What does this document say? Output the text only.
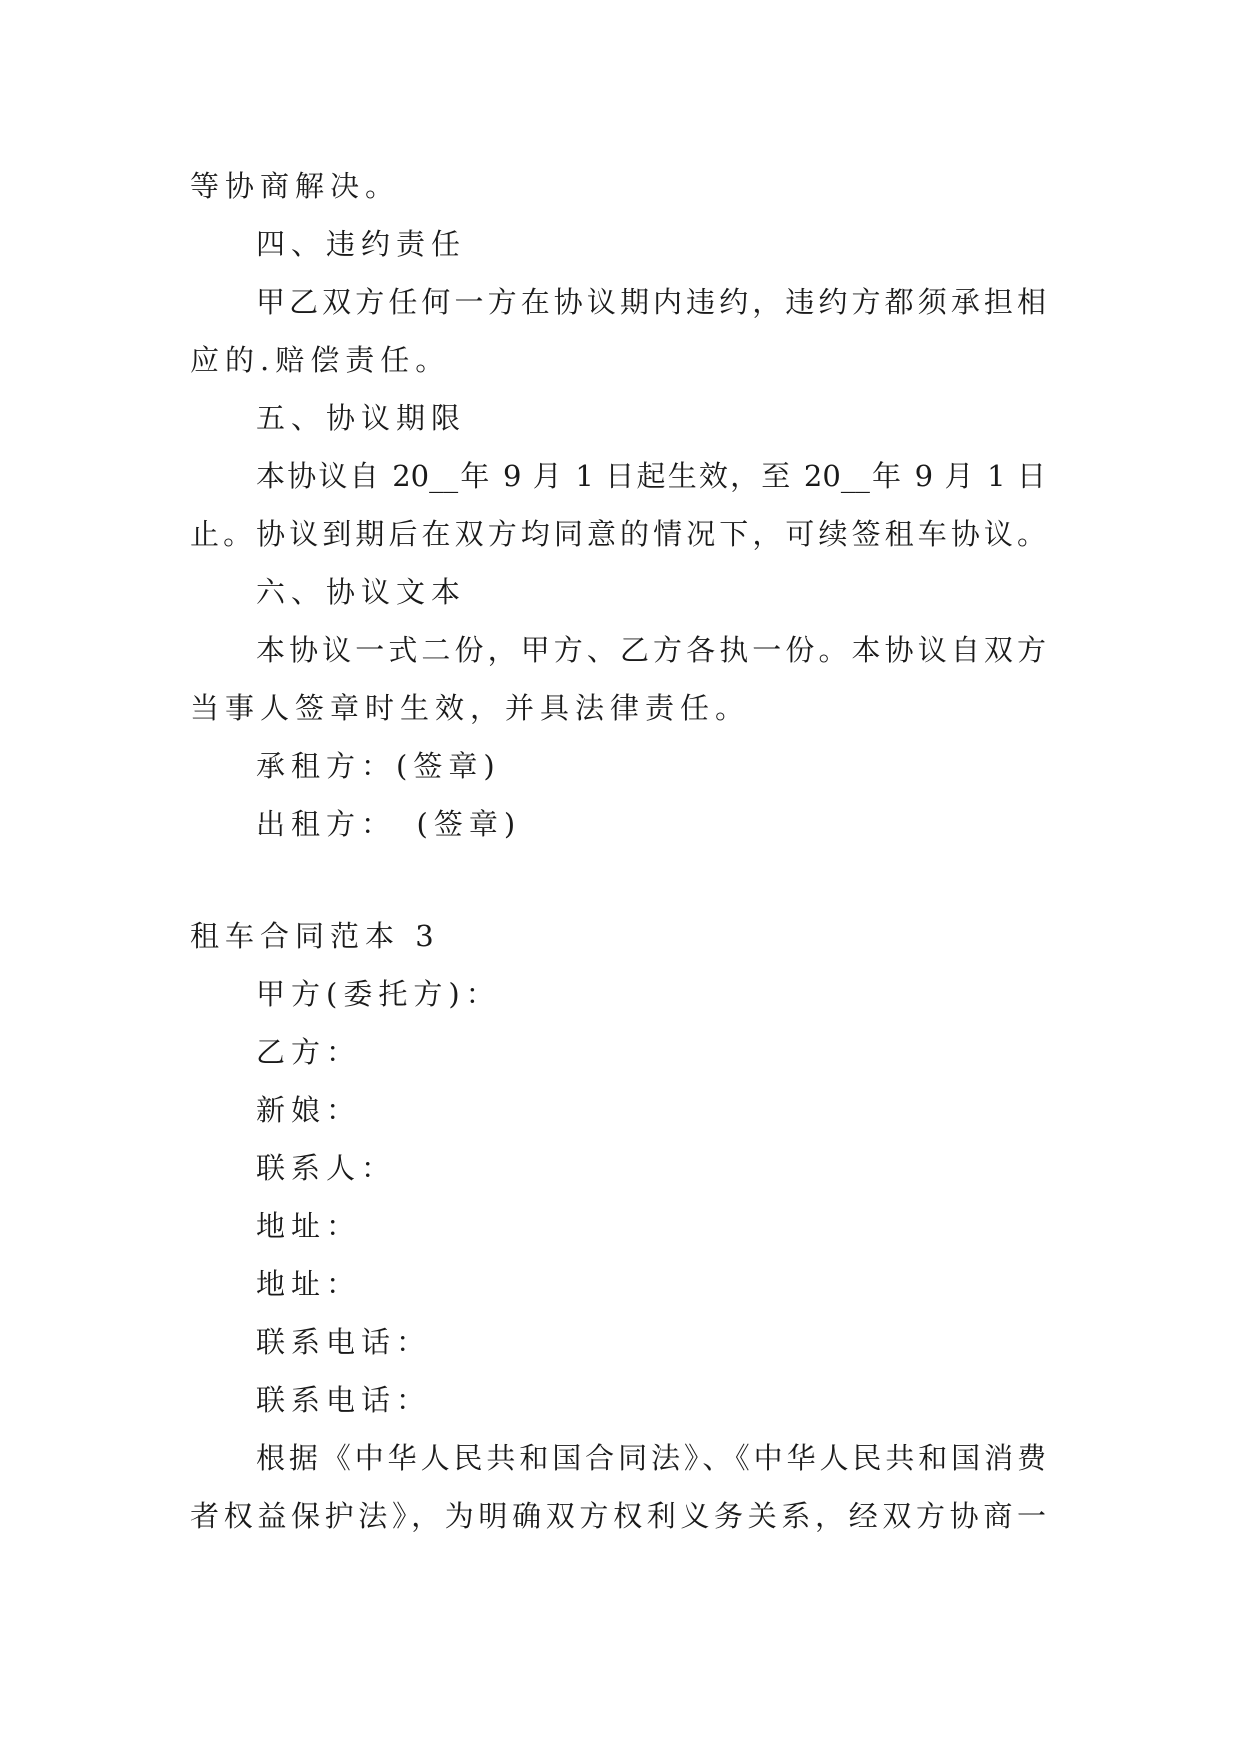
等协商解决。
四、违约责任
甲乙双方任何一方在协议期内违约，违约方都须承担相
应的.赔偿责任。
五、协议期限
本协议自 20__年 9 月 1 日起生效，至 20__年 9 月 1 日
止。协议到期后在双方均同意的情况下，可续签租车协议。
六、协议文本
本协议一式二份，甲方、乙方各执一份。本协议自双方
当事人签章时生效，并具法律责任。
承租方：(签章)
出租方：　(签章)
租车合同范本 3
甲方(委托方)：
乙方：
新娘：
联系人：
地址：
地址：
联系电话：
联系电话：
根据《中华人民共和国合同法》、《中华人民共和国消费
者权益保护法》，为明确双方权利义务关系，经双方协商一
